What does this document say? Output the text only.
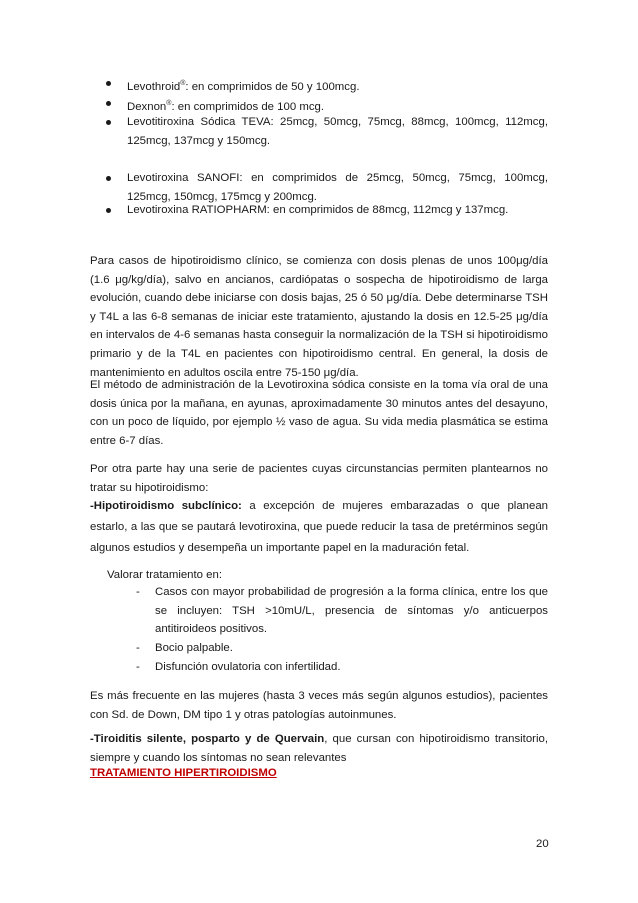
Levothroid®: en comprimidos de 50 y 100mcg.
Dexnon®: en comprimidos de 100 mcg.
Levotitiroxina Sódica TEVA: 25mcg, 50mcg, 75mcg, 88mcg, 100mcg, 112mcg, 125mcg, 137mcg y 150mcg.
Levotiroxina SANOFI: en comprimidos de 25mcg, 50mcg, 75mcg, 100mcg, 125mcg, 150mcg, 175mcg y 200mcg.
Levotiroxina RATIOPHARM: en comprimidos de 88mcg, 112mcg y 137mcg.
Para casos de hipotiroidismo clínico, se comienza con dosis plenas de unos 100μg/día (1.6 μg/kg/día), salvo en ancianos, cardiópatas o sospecha de hipotiroidismo de larga evolución, cuando debe iniciarse con dosis bajas, 25 ó 50 μg/día. Debe determinarse TSH y T4L a las 6-8 semanas de iniciar este tratamiento, ajustando la dosis en 12.5-25 μg/día en intervalos de 4-6 semanas hasta conseguir la normalización de la TSH si hipotiroidismo primario y de la T4L en pacientes con hipotiroidismo central. En general, la dosis de mantenimiento en adultos oscila entre 75-150 μg/día.
El método de administración de la Levotiroxina sódica consiste en la toma vía oral de una dosis única por la mañana, en ayunas, aproximadamente 30 minutos antes del desayuno, con un poco de líquido, por ejemplo ½ vaso de agua. Su vida media plasmática se estima entre 6-7 días.
Por otra parte hay una serie de pacientes cuyas circunstancias permiten plantearnos no tratar su hipotiroidismo:
-Hipotiroidismo subclínico: a excepción de mujeres embarazadas o que planean estarlo, a las que se pautará levotiroxina, que puede reducir la tasa de pretérminos según algunos estudios y desempeña un importante papel en la maduración fetal.
Valorar tratamiento en:
- Casos con mayor probabilidad de progresión a la forma clínica, entre los que se incluyen: TSH >10mU/L, presencia de síntomas y/o anticuerpos antitiroideos positivos.
- Bocio palpable.
- Disfunción ovulatoria con infertilidad.
Es más frecuente en las mujeres (hasta 3 veces más según algunos estudios), pacientes con Sd. de Down, DM tipo 1 y otras patologías autoinmunes.
-Tiroiditis silente, posparto y de Quervain, que cursan con hipotiroidismo transitorio, siempre y cuando los síntomas no sean relevantes
TRATAMIENTO HIPERTIROIDISMO
20
